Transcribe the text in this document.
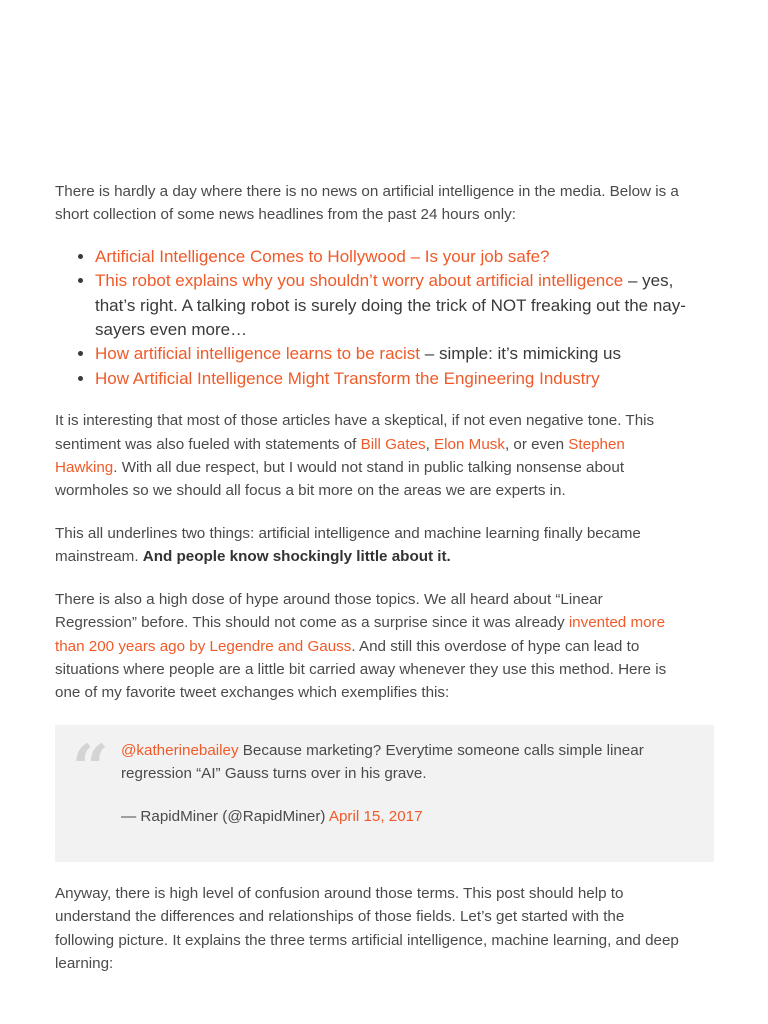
There is hardly a day where there is no news on artificial intelligence in the media. Below is a short collection of some news headlines from the past 24 hours only:

• Artificial Intelligence Comes to Hollywood – Is your job safe?
• This robot explains why you shouldn’t worry about artificial intelligence – yes, that’s right. A talking robot is surely doing the trick of NOT freaking out the nay-sayers even more…
• How artificial intelligence learns to be racist – simple: it’s mimicking us
• How Artificial Intelligence Might Transform the Engineering Industry

It is interesting that most of those articles have a skeptical, if not even negative tone. This sentiment was also fueled with statements of Bill Gates, Elon Musk, or even Stephen Hawking. With all due respect, but I would not stand in public talking nonsense about wormholes so we should all focus a bit more on the areas we are experts in.

This all underlines two things: artificial intelligence and machine learning finally became mainstream. And people know shockingly little about it.

There is also a high dose of hype around those topics. We all heard about “Linear Regression” before. This should not come as a surprise since it was already invented more than 200 years ago by Legendre and Gauss. And still this overdose of hype can lead to situations where people are a little bit carried away whenever they use this method. Here is one of my favorite tweet exchanges which exemplifies this:

“ @katherinebailey Because marketing? Everytime someone calls simple linear regression “AI” Gauss turns over in his grave.

— RapidMiner (@RapidMiner) April 15, 2017

Anyway, there is high level of confusion around those terms. This post should help to understand the differences and relationships of those fields. Let’s get started with the following picture. It explains the three terms artificial intelligence, machine learning, and deep learning:
